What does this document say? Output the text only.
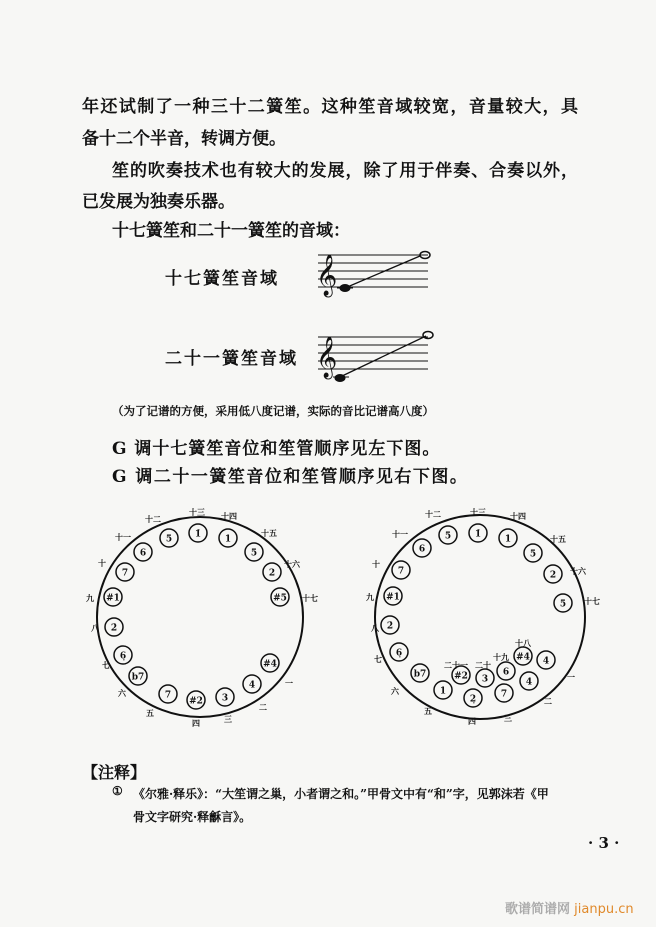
年还试制了一种三十二簧笙。这种笙音域较宽，音量较大，具
备十二个半音，转调方便。
笙的吹奏技术也有较大的发展，除了用于伴奏、合奏以外，
已发展为独奏乐器。
十七簧笙和二十一簧笙的音域：
十七簧笙音域
二十一簧笙音域
𝄞
𝄞
#4
一
4
二
3
三
#2
四
7
五
b7
六
6̣
七
2̇
八
#1
九
7
十
6
十一	5
十二
1̇
十三
1
十四
5
十五
2
十六
#5 十七
4
一
4
二
7
三
2̣
四
1
五
b7
六
6̣
七
2̇
八
#1
九
7
十
6
十一	5
十二
1̇
十三
1
十四
5
十五
2 十六
5 十七
#4
十八
6
十九
3
二十
#2
二十一
（为了记谱的方便，采用低八度记谱，实际的音比记谱高八度）
G 调十七簧笙音位和笙管顺序见左下图。
G 调二十一簧笙音位和笙管顺序见右下图。
【注释】
① 《尔雅·释乐》：“大笙谓之巢，小者谓之和。”甲骨文中有“和”字，见郭沫若《甲
骨文字研究·释龢言》。
· 3 ·
歌谱简谱网 jianpu.cn
